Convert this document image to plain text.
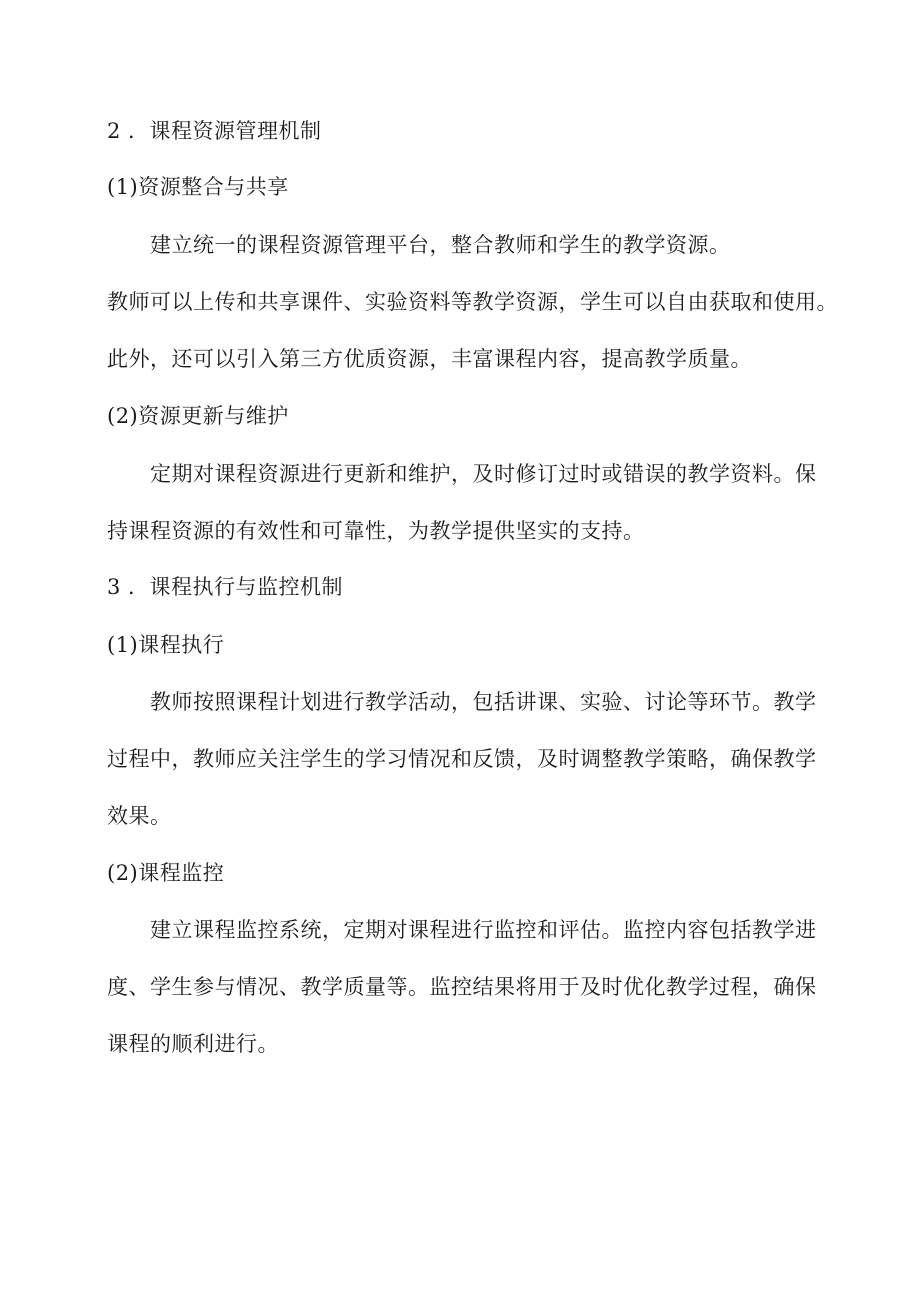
2 ．课程资源管理机制
(1)资源整合与共享
建立统一的课程资源管理平台，整合教师和学生的教学资源。
教师可以上传和共享课件、实验资料等教学资源，学生可以自由获取和使用。
此外，还可以引入第三方优质资源，丰富课程内容，提高教学质量。
(2)资源更新与维护
定期对课程资源进行更新和维护，及时修订过时或错误的教学资料。保
持课程资源的有效性和可靠性，为教学提供坚实的支持。
3 ．课程执行与监控机制
(1)课程执行
教师按照课程计划进行教学活动，包括讲课、实验、讨论等环节。教学
过程中，教师应关注学生的学习情况和反馈，及时调整教学策略，确保教学
效果。
(2)课程监控
建立课程监控系统，定期对课程进行监控和评估。监控内容包括教学进
度、学生参与情况、教学质量等。监控结果将用于及时优化教学过程，确保
课程的顺利进行。
